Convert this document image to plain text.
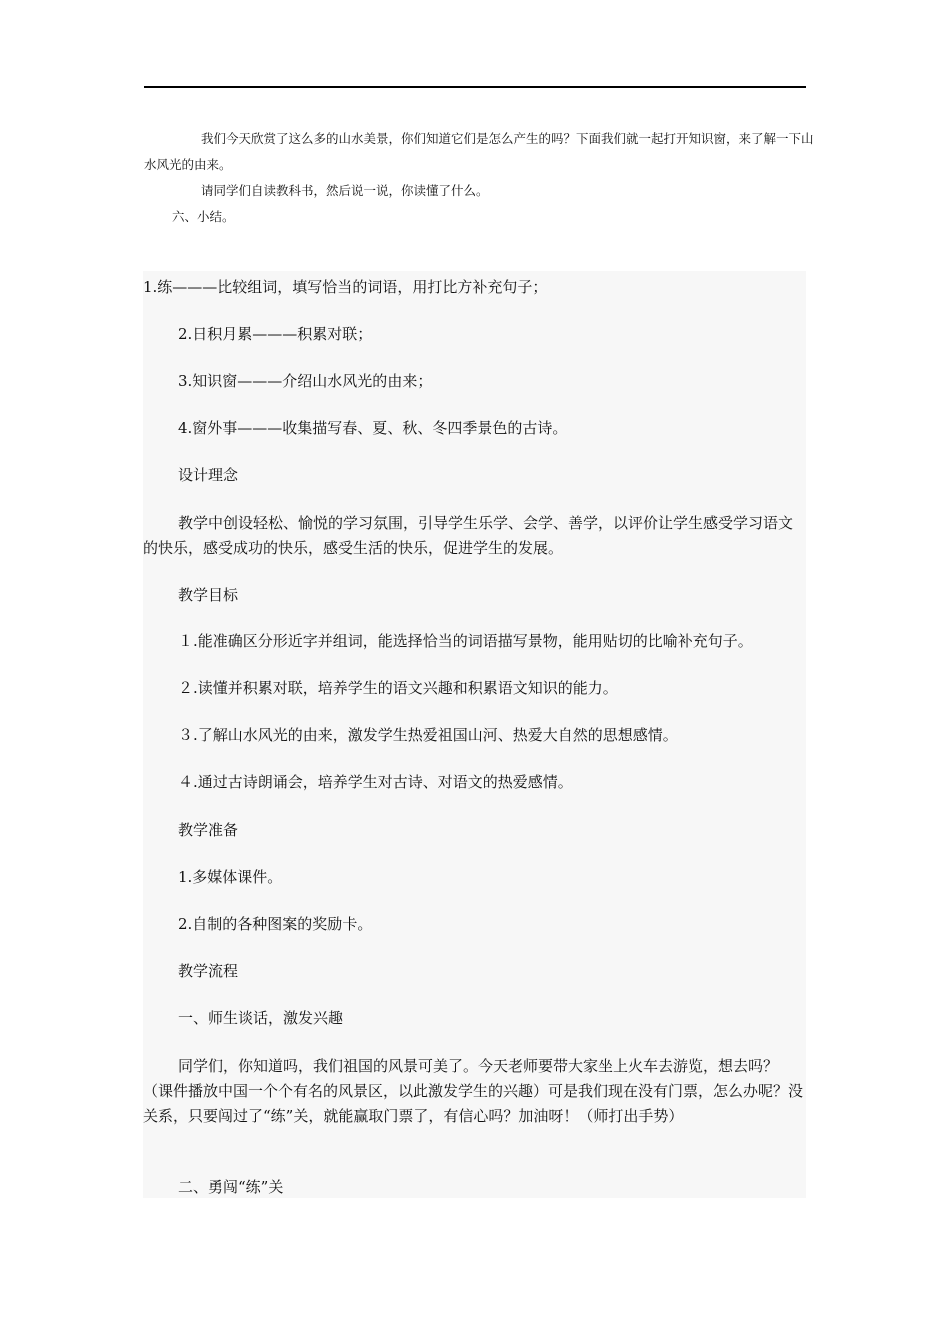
我们今天欣赏了这么多的山水美景，你们知道它们是怎么产生的吗？下面我们就一起打开知识窗，来了解一下山水风光的由来。

请同学们自读教科书，然后说一说，你读懂了什么。

六、小结。

1.练———比较组词，填写恰当的词语，用打比方补充句子；

2.日积月累———积累对联；

3.知识窗———介绍山水风光的由来；

4.窗外事———收集描写春、夏、秋、冬四季景色的古诗。

设计理念

教学中创设轻松、愉悦的学习氛围，引导学生乐学、会学、善学，以评价让学生感受学习语文的快乐，感受成功的快乐，感受生活的快乐，促进学生的发展。

教学目标

１.能准确区分形近字并组词，能选择恰当的词语描写景物，能用贴切的比喻补充句子。

２.读懂并积累对联，培养学生的语文兴趣和积累语文知识的能力。

３.了解山水风光的由来，激发学生热爱祖国山河、热爱大自然的思想感情。

４.通过古诗朗诵会，培养学生对古诗、对语文的热爱感情。

教学准备

1.多媒体课件。

2.自制的各种图案的奖励卡。

教学流程

一、师生谈话，激发兴趣

同学们，你知道吗，我们祖国的风景可美了。今天老师要带大家坐上火车去游览，想去吗？（课件播放中国一个个有名的风景区，以此激发学生的兴趣）可是我们现在没有门票，怎么办呢？没关系，只要闯过了“练”关，就能赢取门票了，有信心吗？加油呀！（师打出手势）

二、勇闯“练”关
